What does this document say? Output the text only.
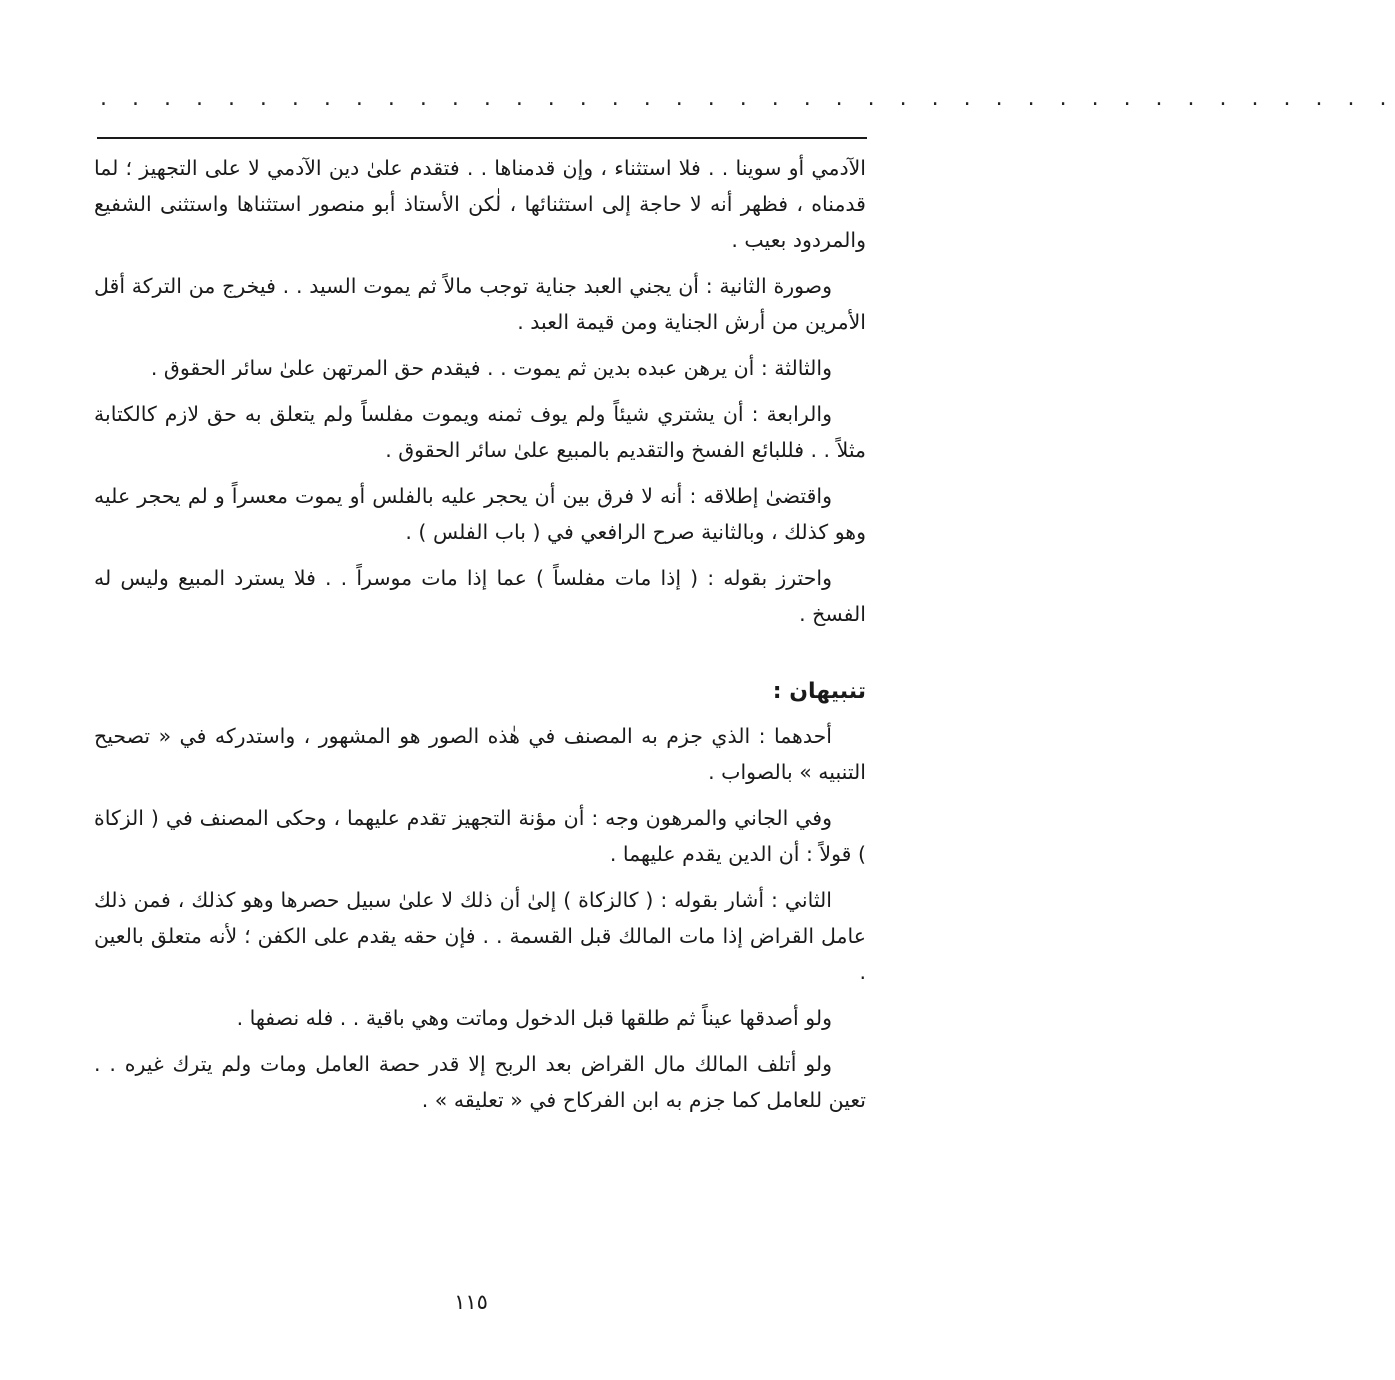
. . . . . . . . . . . . . . . . . . . . . . . . . . . . . . . . . . . . . . . . .

الآدمي أو سوينا . . فلا استثناء ، وإن قدمناها . . فتقدم علىٰ دين الآدمي لا على التجهيز ؛ لما قدمناه ، فظهر أنه لا حاجة إلى استثنائها ، لٰكن الأستاذ أبو منصور استثناها واستثنى الشفيع والمردود بعيب .

وصورة الثانية : أن يجني العبد جناية توجب مالاً ثم يموت السيد . . فيخرج من التركة أقل الأمرين من أرش الجناية ومن قيمة العبد .

والثالثة : أن يرهن عبده بدين ثم يموت . . فيقدم حق المرتهن علىٰ سائر الحقوق .

والرابعة : أن يشتري شيئاً ولم يوف ثمنه ويموت مفلساً ولم يتعلق به حق لازم كالكتابة مثلاً . . فللبائع الفسخ والتقديم بالمبيع علىٰ سائر الحقوق .

واقتضىٰ إطلاقه : أنه لا فرق بين أن يحجر عليه بالفلس أو يموت معسراً و لم يحجر عليه وهو كذلك ، وبالثانية صرح الرافعي في ( باب الفلس ) .

واحترز بقوله : ( إذا مات مفلساً ) عما إذا مات موسراً . . فلا يسترد المبيع وليس له الفسخ .

تنبيهان :

أحدهما : الذي جزم به المصنف في هٰذه الصور هو المشهور ، واستدركه في « تصحيح التنبيه » بالصواب .

وفي الجاني والمرهون وجه : أن مؤنة التجهيز تقدم عليهما ، وحكى المصنف في ( الزكاة ) قولاً : أن الدين يقدم عليهما .

الثاني : أشار بقوله : ( كالزكاة ) إلىٰ أن ذلك لا علىٰ سبيل حصرها وهو كذلك ، فمن ذلك عامل القراض إذا مات المالك قبل القسمة . . فإن حقه يقدم على الكفن ؛ لأنه متعلق بالعين .

ولو أصدقها عيناً ثم طلقها قبل الدخول وماتت وهي باقية . . فله نصفها .

ولو أتلف المالك مال القراض بعد الربح إلا قدر حصة العامل ومات ولم يترك غيره . . تعين للعامل كما جزم به ابن الفركاح في « تعليقه » .

١١٥
